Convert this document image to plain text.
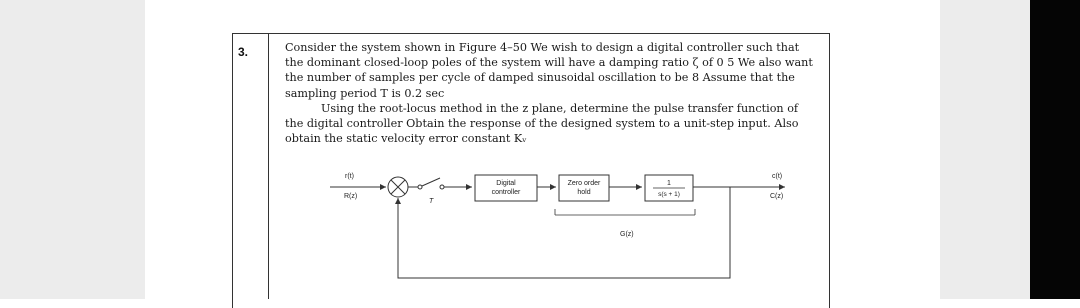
3.	Consider the system shown in Figure 4–50 We wish to design a digital controller such that the dominant closed-loop poles of the system will have a damping ratio ζ of 0 5 We also want the number of samples per cycle of damped sinusoidal oscillation to be 8 Assume that the sampling period T is 0.2 sec

Using the root-locus method in the z plane, determine the pulse transfer function of the digital controller Obtain the response of the designed system to a unit-step input. Also obtain the static velocity error constant Kᵥ

r(t)
R(z)
T
Digital
controller
Zero order
hold
1
s(s + 1)
c(t)
C(z)
G(z)
